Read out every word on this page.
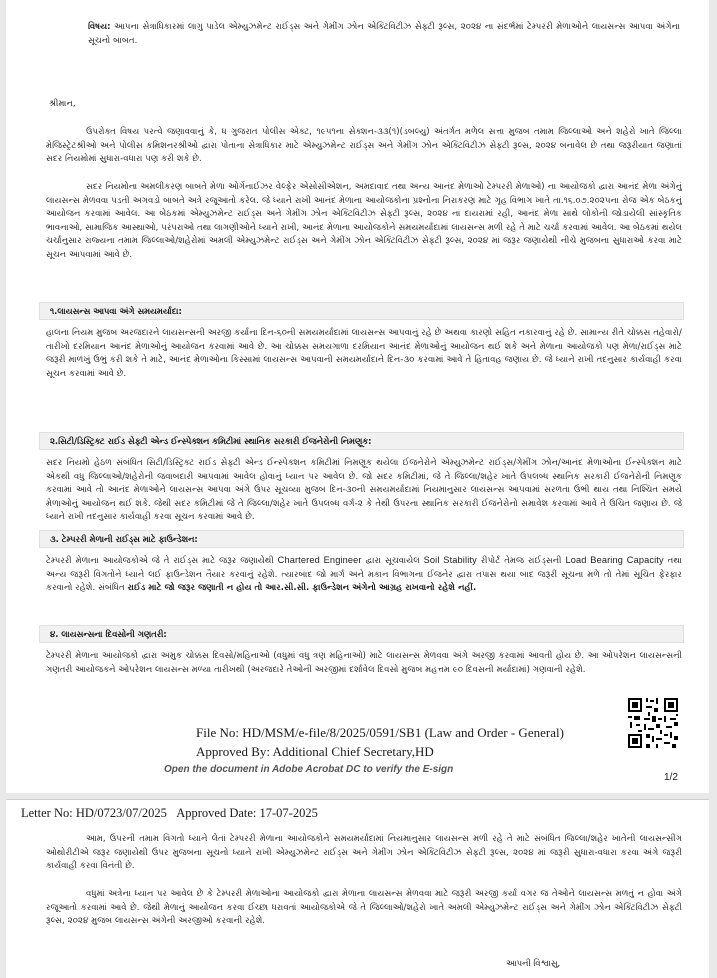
વિષય: આપના સેત્રાધિકારમાં લાગુ પાડેલ એમ્યુઝમેન્ટ રાઈડ્સ અને ગેમીંગ ઝોન એક્ટિવિટીઝ સેફ્ટી રૂલ્સ, ૨૦૨૪ ના સંદર્ભમાં ટેમ્પરરી મેળાઓને લાયસન્સ આપવા અંગેના સૂચનો બાબત.
શ્રીમાન,
ઉપરોક્ત વિષય પરત્વે જણાવવાનું કે, ધ ગુજરાત પોલીસ એક્ટ, ૧૯૫૧ના સેક્શન-૩૩(૧)(ડબલ્યુ) અંતર્ગત મળેલ સત્તા મુજબ તમામ જિલ્લાઓ અને શહેરો ખાતે જિલ્લા મેજિસ્ટ્રેટશ્રીઓ અને પોલીસ કમિશનરશ્રીઓ દ્વારા પોતાના સેત્રાધિકાર માટે એમ્યુઝમેન્ટ રાઈડ્સ અને ગેમીંગ ઝોન એક્ટિવિટીઝ સેફ્ટી રૂલ્સ, ૨૦૨૪ બનાવેલ છે તથા જરૂરીયાત જણાતાં સદર નિયમોમાં સુધારા-વધારા પણ કરી શકે છે.
સદર નિયમોના અમલીકરણ બાબતે મેળા ઓર્ગેનાઈઝર વેલ્ફેર એસોસીએશન, અમદાવાદ તથા અન્ય આનંદ મેળાઓ ટેમ્પરરી મેળાઓ) ના આયોજકો દ્વારા આનંદ મેળા અંગેનું લાયસન્સ મેળવવા પડતી અગવડો બાબતે અત્રે રજૂઆતો કરેલ. જે ધ્યાને રાખી આનંદ મેળાના આયોજકોના પ્રશ્નોના નિરાકરણ માટે ગૃહ વિભાગ ખાતે તા.૧૬.૦૭.૨૦૨૫ના રોજ એક બેઠકનું આયોજન કરવામાં આવેલ. આ બેઠકમાં એમ્યુઝમેન્ટ રાઈડ્સ અને ગેમીંગ ઝોન એક્ટિવિટીઝ સેફ્ટી રૂલ્સ, ૨૦૨૪ ના દાયરામાં રહી, આનંદ મેળા સાથે લોકોની જોડાયેલી સાંસ્કૃતિક ભાવનાઓ, સામાજિક આસ્થાઓ, પરંપરાઓ તથા લાગણીઓને ધ્યાને રાખી, આનંદ મેળાના આયોજકોને સમયમર્યાદામાં લાયસન્સ મળી રહે તે માટે ચર્ચા કરવામાં આવેલ. આ બેઠકમાં થયેલ ચર્ચાનુસાર રાજ્યના તમામ જિલ્લાઓ/શહેરોમાં અમલી એમ્યુઝમેન્ટ રાઈડ્સ અને ગેમીંગ ઝોન એક્ટિવિટીઝ સેફ્ટી રૂલ્સ, ૨૦૨૪ માં જરૂર જણાયેથી નીચે મુજબના સુધારાઓ કરવા માટે સૂચન આપવામાં આવે છે.
૧.લાયસન્સ આપવા અંગે સમયમર્યાદા:
હાલના નિયમ મુજબ અરજદારને લાયસન્સની અરજી કર્યાના દિન-૬૦ની સમયમર્યાદામાં લાયસન્સ આપવાનું રહે છે અથવા કારણો સહિત નકારવાનું રહે છે. સામાન્ય રીતે ચોક્કસ તહેવારો/તારીખો દરમિયાન આનંદ મેળાઓનું આયોજન કરવામાં આવે છે. આ ચોક્કસ સમયગાળા દરમિયાન આનંદ મેળાઓનું આયોજન થઈ શકે અને મેળાના આયોજકો પણ મેળા/રાઈડ્સ માટે જરૂરી માળખું ઉભું કરી શકે તે માટે, આનંદ મેળાઓના કિસ્સામાં લાયસન્સ આપવાની સમયમર્યાદાને દિન-૩૦ કરવામાં આવે તે હિતાવહ જણાય છે. જે ધ્યાને રાખી તદનુસાર કાર્યવાહી કરવા સૂચન કરવામાં આવે છે.
૨.સિટી/ડિસ્ટ્રિક્ટ રાઈડ સેફ્ટી એન્ડ ઈન્સ્પેક્શન કમિટીમાં સ્થાનિક સરકારી ઈજનેરોની નિમણૂક:
સદર નિયમો હેઠળ સંબંધિત સિટી/ડિસ્ટ્રિક્ટ રાઈડ સેફ્ટી એન્ડ ઈન્સ્પેક્શન કમિટીમાં નિમણૂક થયેલા ઈજનેરોને એમ્યુઝમેન્ટ રાઈડ્સ/ગેમીંગ ઝોન/આનંદ મેળાઓના ઈન્સ્પેક્શન માટે એકથી વધુ જિલ્લાઓ/શહેરોની જવાબદારી આપવામાં આવેલ હોવાનું ધ્યાન પર આવેલ છે. જો સદર કમિટીમાં, જે તે જિલ્લા/શહેર ખાતે ઉપલબ્ધ સ્થાનિક સરકારી ઈજનેરોની નિમણૂક કરવામાં આવે તો આનંદ મેળાઓને લાયસન્સ આપવા અંગે ઉપર સૂચવ્યા મુજબ દિન-૩૦ની સમયમર્યાદામાં નિયમાનુસાર લાયસન્સ આપવામાં સરળતા ઉભી થાય તથા નિશ્ચિત સમયે મેળાઓનું આયોજન થઈ શકે. જેથી સદર કમિટીમાં જે તે જિલ્લા/શહેર ખાતે ઉપલબ્ધ વર્ગ-૨ કે તેથી ઉપરના સ્થાનિક સરકારી ઈજનેરોનો સમાવેશ કરવામાં આવે તે ઉચિત જણાય છે. જે ધ્યાને રાખી તદનુસાર કાર્યવાહી કરવા સૂચન કરવામાં આવે છે.
૩. ટેમ્પરરી મેળાની રાઈડ્સ માટે ફાઉન્ડેશન:
ટેમ્પરરી મેળાના આયોજકોએ જે તે રાઈડ્સ માટે જરૂર જણાયેથી Chartered Engineer દ્વારા સૂચવાયેલ Soil Stability રીપોર્ટ તેમજ રાઈડ્સની Load Bearing Capacity તથા અન્ય જરૂરી વિગતોને ધ્યાને લઈ ફાઉન્ડેશન તૈયાર કરવાનું રહેશે. ત્યારબાદ જો માર્ગ અને મકાન વિભાગના ઈજનેર દ્વારા તપાસ થયા બાદ જરૂરી સૂચના મળે તો તેમાં સૂચિત ફેરફાર કરવાનો રહેશે. સંબંધિત રાઈડ માટે જો જરૂર જણાતી ન હોય તો આર.સી.સી. ફાઉન્ડેશન અંગેનો આગ્રહ રાખવાનો રહેશે નહીં.
૪. લાયસન્સના દિવસોની ગણતરી:
ટેમ્પરરી મેળાના આયોજકો દ્વારા અમુક ચોક્કસ દિવસો/મહિનાઓ (વધુમાં વધુ ત્રણ મહિનાઓ) માટે લાયસન્સ મેળવવા અંગે અરજી કરવામાં આવતી હોય છે. આ ઓપરેશન લાયસન્સની ગણતરી આયોજકને ઓપરેશન લાયસન્સ મળ્યા તારીખથી (અરજદારે તેઓની અરજીમાં દર્શાવેલ દિવસો મુજબ મહત્તમ ૯૦ દિવસની મર્યાદામાં) ગણવાની રહેશે.
File No: HD/MSM/e-file/8/2025/0591/SB1 (Law and Order - General)
Approved By: Additional Chief Secretary,HD
Open the document in Adobe Acrobat DC to verify the E-sign
1/2
Letter No: HD/0723/07/2025 Approved Date: 17-07-2025
આમ, ઉપરની તમામ વિગતો ધ્યાને લેતાં ટેમ્પરરી મેળાના આયોજકોને સમયમર્યાદામાં નિયમાનુસાર લાયસન્સ મળી રહે તે માટે સંબંધિત જિલ્લા/શહેર ખાતેની લાયસન્સીંગ ઓથોરીટીએ જરૂર જણાયેથી ઉપર મુજબના સૂચનો ધ્યાને રાખી એમ્યુઝમેન્ટ રાઈડ્સ અને ગેમીંગ ઝોન એક્ટિવિટીઝ સેફ્ટી રૂલ્સ, ૨૦૨૪ માં જરૂરી સુધારા-વધારા કરવા અંગે જરૂરી કાર્યવાહી કરવા વિનંતી છે.
વધુમાં અત્રેના ધ્યાન પર આવેલ છે કે ટેમ્પરરી મેળાઓના આયોજકો દ્વારા મેળાના લાયસન્સ મેળવવા માટે જરૂરી અરજી કર્યા વગર જ તેઓને લાયસન્સ મળતું ન હોવા અંગે રજૂઆતો કરવામાં આવે છે. જેથી મેળાનું આયોજન કરવા ઈચ્છા ધરાવતાં આયોજકોએ જે તે જિલ્લાઓ/શહેરો ખાતે અમલી એમ્યુઝમેન્ટ રાઈડ્સ અને ગેમીંગ ઝોન એક્ટિવિટીઝ સેફ્ટી રૂલ્સ, ૨૦૨૪ મુજબ લાયસન્સ અંગેની અરજીઓ કરવાની રહેશે.
આપની વિશ્વાસુ,
